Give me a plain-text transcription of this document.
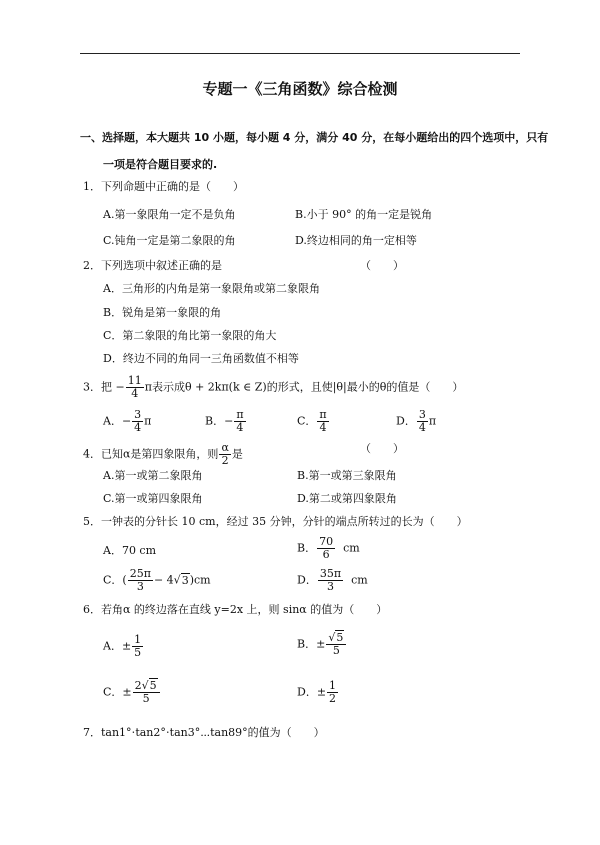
专题一《三角函数》综合检测
一、选择题，本大题共 10 小题，每小题 4 分，满分 40 分，在每小题给出的四个选项中，只有
一项是符合题目要求的.
1．下列命题中正确的是（　　）
A.第一象限角一定不是负角	B.小于 90° 的角一定是锐角
C.钝角一定是第二象限的角	D.终边相同的角一定相等
2．下列选项中叙述正确的是	（　　）
A．三角形的内角是第一象限角或第二象限角
B．锐角是第一象限的角
C．第二象限的角比第一象限的角大
D．终边不同的角同一三角函数值不相等
3．把 − $\frac{11}{4}$ π表示成θ + 2kπ(k ∈ Z)的形式，且使|θ|最小的θ的值是（　　）
A．− $\frac{3}{4}$ π	B．− $\frac{\pi}{4}$	C． $\frac{\pi}{4}$	D． $\frac{3}{4}$ π
4．已知α是第四象限角，则 $\frac{\alpha}{2}$ 是	（　　）
A.第一或第二象限角	B.第一或第三象限角
C.第一或第四象限角	D.第二或第四象限角
5．一钟表的分针长 10 cm，经过 35 分钟，分针的端点所转过的长为（　　）
A．70 cm	B． $\frac{70}{6}$ cm
C．( $\frac{25\pi}{3} - 4√3)cm$	D． $\frac{35\pi}{3}$ cm
6．若角α 的终边落在直线 y=2x 上，则 sinα 的值为（　　）
A．± $\frac{1}{5}$	B．± $\frac{√5}{5}$
C．± $\frac{2√5}{5}$	D．± $\frac{1}{2}$
7．tan1°⋅tan2°⋅tan3°⋯tan89°的值为（　　）
